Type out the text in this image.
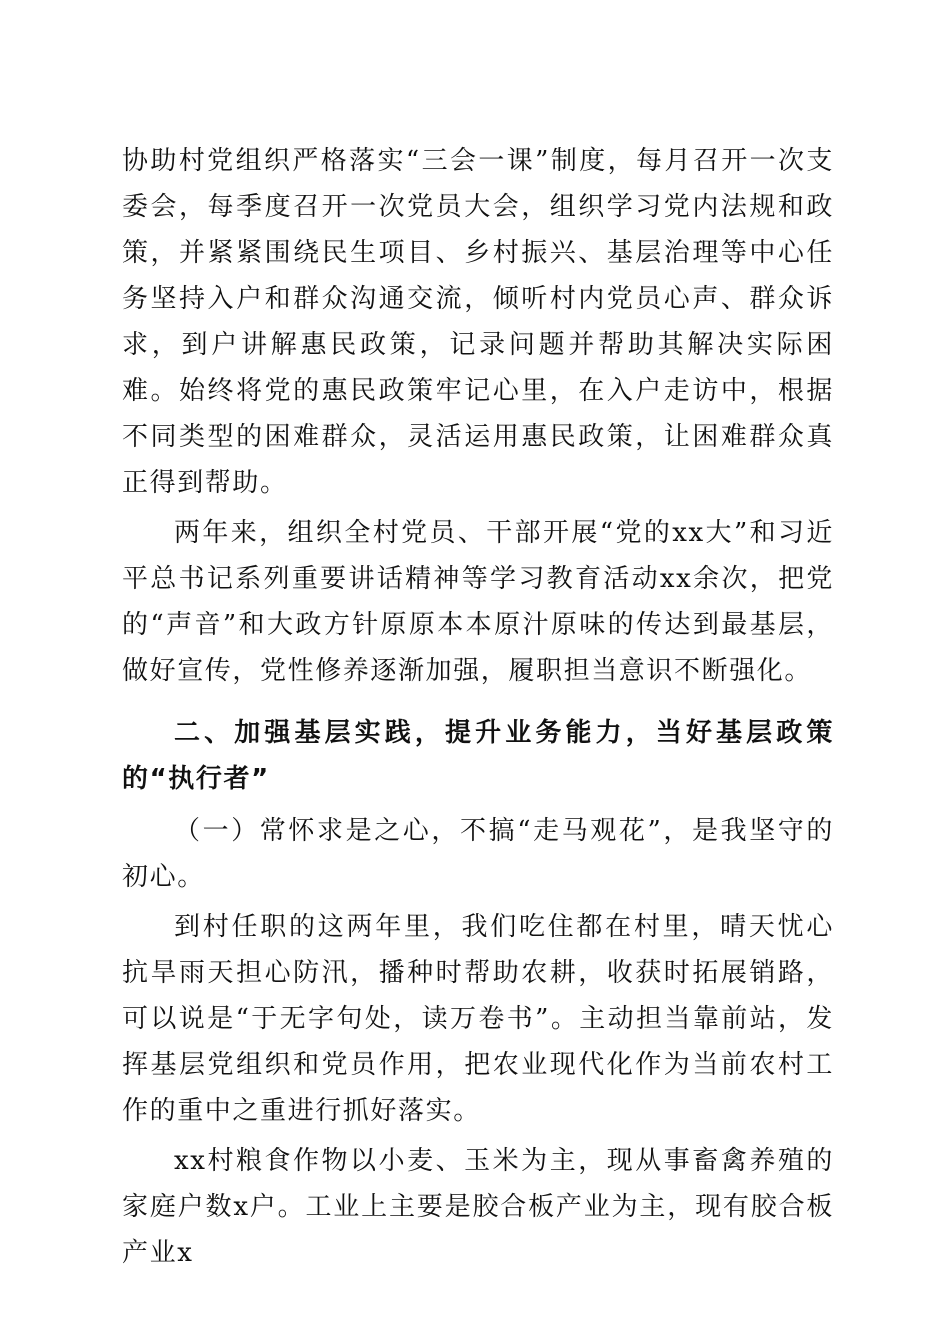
协助村党组织严格落实“三会一课”制度，每月召开一次支委会，每季度召开一次党员大会，组织学习党内法规和政策，并紧紧围绕民生项目、乡村振兴、基层治理等中心任务坚持入户和群众沟通交流，倾听村内党员心声、群众诉求，到户讲解惠民政策，记录问题并帮助其解决实际困难。始终将党的惠民政策牢记心里，在入户走访中，根据不同类型的困难群众，灵活运用惠民政策，让困难群众真正得到帮助。

两年来，组织全村党员、干部开展“党的xx大”和习近平总书记系列重要讲话精神等学习教育活动xx余次，把党的“声音”和大政方针原原本本原汁原味的传达到最基层，做好宣传，党性修养逐渐加强，履职担当意识不断强化。

二、加强基层实践，提升业务能力，当好基层政策的“执行者”

（一）常怀求是之心，不搞“走马观花”，是我坚守的初心。

到村任职的这两年里，我们吃住都在村里，晴天忧心抗旱雨天担心防汛，播种时帮助农耕，收获时拓展销路，可以说是“于无字句处，读万卷书”。主动担当靠前站，发挥基层党组织和党员作用，把农业现代化作为当前农村工作的重中之重进行抓好落实。

xx村粮食作物以小麦、玉米为主，现从事畜禽养殖的家庭户数x户。工业上主要是胶合板产业为主，现有胶合板产业x
